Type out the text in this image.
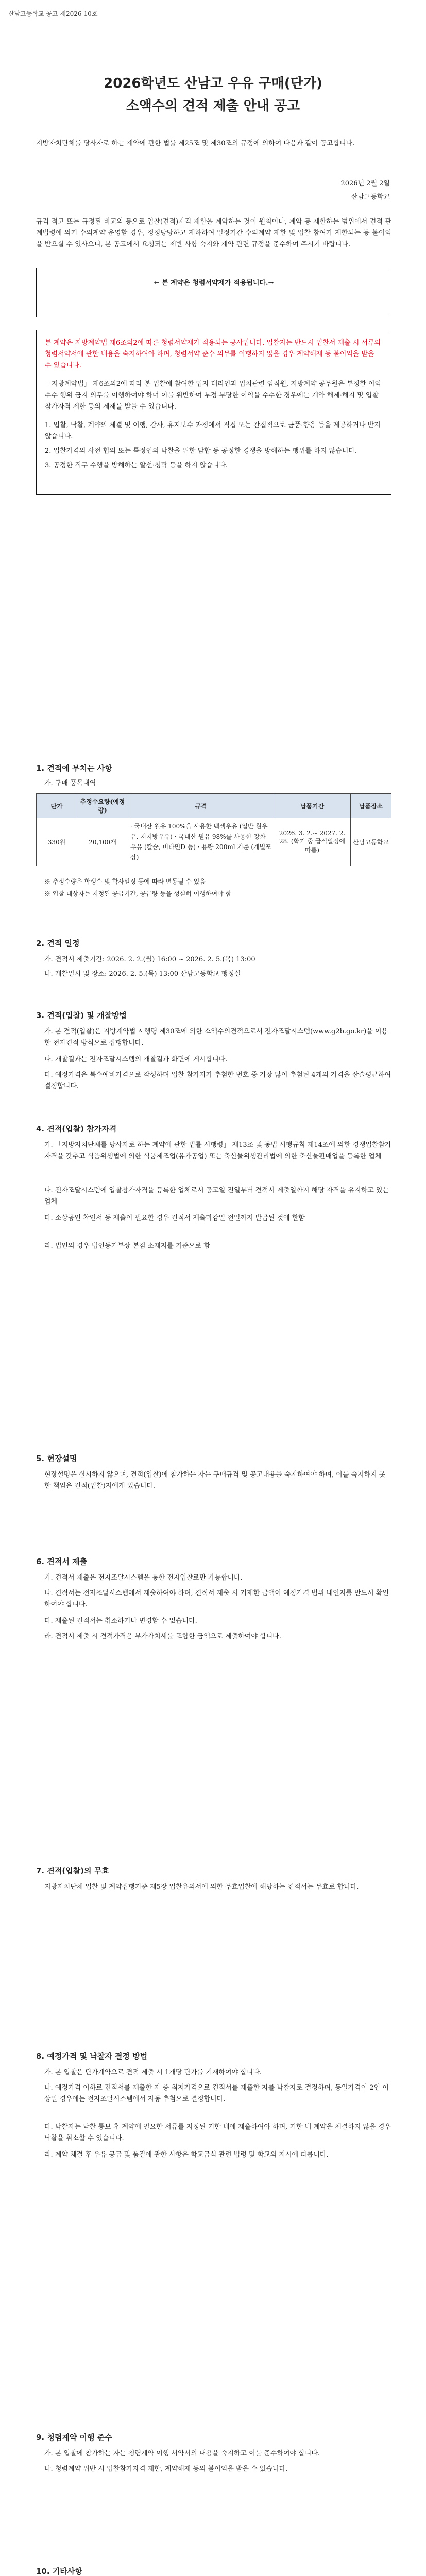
산남고등학교 공고 제2026-10호
2026학년도 산남고 우유 구매(단가)
소액수의 견적 제출 안내 공고
지방자치단체를 당사자로 하는 계약에 관한 법률 제25조 및 제30조의 규정에 의하여 다음과 같이 공고합니다.
2026년 2월 2일
산남고등학교
규격 적고 또는 규정된 비교의 등으로 입찰(견적)자격 제한을 계약하는 것이 원칙이나, 계약 등 제한하는 범위에서 견적 관계법령에 의거 수의계약 운영할 경우, 정정당당하고 제하하여 일정기간 수의계약 제한 및 입찰 참여가 제한되는 등 불이익을 받으실 수 있사오니, 본 공고에서 요청되는 제반 사항 숙지와 계약 관련 규정을 준수하여 주시기 바랍니다.
← 본 계약은 청렴서약제가 적용됩니다.→
본 계약은 지방계약법 제6조의2에 따른 청렴서약제가 적용되는 공사입니다. 입찰자는 반드시 입찰서 제출 시 서류의 청렴서약서에 관한 내용을 숙지하여야 하며, 청렴서약 준수 의무를 이행하지 않을 경우 계약해제 등 불이익을 받을 수 있습니다.
「지방계약법」 제6조의2에 따라 본 입찰에 참여한 업자 대리인과 입치관련 임직원, 지방계약 공무원은 부정한 이익 수수 행위 금지 의무를 이행하여야 하며 이를 위반하여 부정·부당한 이익을 수수한 경우에는 계약 해제·해지 및 입찰참가자격 제한 등의 제재를 받을 수 있습니다.
1. 입찰, 낙찰, 계약의 체결 및 이행, 감사, 유지보수 과정에서 직접 또는 간접적으로 금품·향응 등을 제공하거나 받지 않습니다.
2. 입찰가격의 사전 협의 또는 특정인의 낙찰을 위한 담합 등 공정한 경쟁을 방해하는 행위를 하지 않습니다.
3. 공정한 직무 수행을 방해하는 알선·청탁 등을 하지 않습니다.
1. 견적에 부치는 사항
가. 구매 품목내역
단가	추정수요량(예정량)	규격	납품기간	납품장소
330원	20,100개	· 국내산 원유 100%을 사용한 백색우유 (일반 흰우유, 저지방우유) · 국내산 원유 98%를 사용한 강화우유 (칼슘, 비타민D 등) · 용량 200ml 기준 (개별포장)	2026. 3. 2.~ 2027. 2. 28. (학기 중 급식일정에 따름)	산남고등학교
※ 추정수량은 학생수 및 학사일정 등에 따라 변동될 수 있음
※ 입찰 대상자는 지정된 공급기간, 공급량 등을 성실히 이행하여야 함
2. 견적 일정
가. 견적서 제출기간: 2026. 2. 2.(월) 16:00 ~ 2026. 2. 5.(목) 13:00
나. 개찰일시 및 장소: 2026. 2. 5.(목) 13:00 산남고등학교 행정실
3. 견적(입찰) 및 개찰방법
가. 본 견적(입찰)은 지방계약법 시행령 제30조에 의한 소액수의견적으로서 전자조달시스템(www.g2b.go.kr)을 이용한 전자견적 방식으로 집행합니다.
나. 개찰결과는 전자조달시스템의 개찰결과 화면에 게시합니다.
다. 예정가격은 복수예비가격으로 작성하며 입찰 참가자가 추첨한 번호 중 가장 많이 추첨된 4개의 가격을 산술평균하여 결정합니다.
4. 견적(입찰) 참가자격
가. 「지방자치단체를 당사자로 하는 계약에 관한 법률 시행령」 제13조 및 동법 시행규칙 제14조에 의한 경쟁입찰참가자격을 갖추고 식품위생법에 의한 식품제조업(유가공업) 또는 축산물위생관리법에 의한 축산물판매업을 등록한 업체
나. 전자조달시스템에 입찰참가자격을 등록한 업체로서 공고일 전일부터 견적서 제출일까지 해당 자격을 유지하고 있는 업체
다. 소상공인 확인서 등 제출이 필요한 경우 견적서 제출마감일 전일까지 발급된 것에 한함
라. 법인의 경우 법인등기부상 본점 소재지를 기준으로 함
5. 현장설명
현장설명은 실시하지 않으며, 견적(입찰)에 참가하는 자는 구매규격 및 공고내용을 숙지하여야 하며, 이를 숙지하지 못한 책임은 견적(입찰)자에게 있습니다.
6. 견적서 제출
가. 견적서 제출은 전자조달시스템을 통한 전자입찰로만 가능합니다.
나. 견적서는 전자조달시스템에서 제출하여야 하며, 견적서 제출 시 기재한 금액이 예정가격 범위 내인지를 반드시 확인하여야 합니다.
다. 제출된 견적서는 취소하거나 변경할 수 없습니다.
라. 견적서 제출 시 견적가격은 부가가치세를 포함한 금액으로 제출하여야 합니다.
7. 견적(입찰)의 무효
지방자치단체 입찰 및 계약집행기준 제5장 입찰유의서에 의한 무효입찰에 해당하는 견적서는 무효로 합니다.
8. 예정가격 및 낙찰자 결정 방법
가. 본 입찰은 단가계약으로 견적 제출 시 1개당 단가를 기재하여야 합니다.
나. 예정가격 이하로 견적서를 제출한 자 중 최저가격으로 견적서를 제출한 자를 낙찰자로 결정하며, 동일가격이 2인 이상일 경우에는 전자조달시스템에서 자동 추첨으로 결정합니다.
다. 낙찰자는 낙찰 통보 후 계약에 필요한 서류를 지정된 기한 내에 제출하여야 하며, 기한 내 계약을 체결하지 않을 경우 낙찰을 취소할 수 있습니다.
라. 계약 체결 후 우유 공급 및 품질에 관한 사항은 학교급식 관련 법령 및 학교의 지시에 따릅니다.
9. 청렴계약 이행 준수
가. 본 입찰에 참가하는 자는 청렴계약 이행 서약서의 내용을 숙지하고 이를 준수하여야 합니다.
나. 청렴계약 위반 시 입찰참가자격 제한, 계약해제 등의 불이익을 받을 수 있습니다.
10. 기타사항
